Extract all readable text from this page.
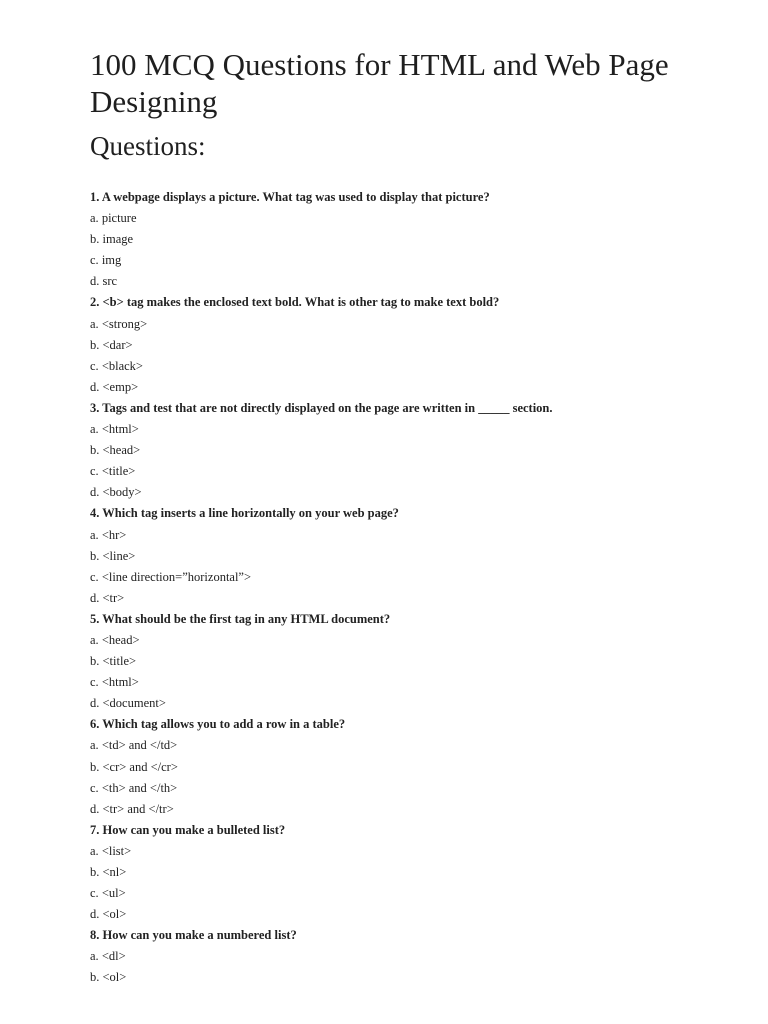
100 MCQ Questions for HTML and Web Page Designing
Questions:
1. A webpage displays a picture. What tag was used to display that picture?
a. picture
b. image
c. img
d. src
2. <b> tag makes the enclosed text bold. What is other tag to make text bold?
a. <strong>
b. <dar>
c. <black>
d. <emp>
3. Tags and test that are not directly displayed on the page are written in _____ section.
a. <html>
b. <head>
c. <title>
d. <body>
4. Which tag inserts a line horizontally on your web page?
a. <hr>
b. <line>
c. <line direction=”horizontal”>
d. <tr>
5. What should be the first tag in any HTML document?
a. <head>
b. <title>
c. <html>
d. <document>
6. Which tag allows you to add a row in a table?
a. <td> and </td>
b. <cr> and </cr>
c. <th> and </th>
d. <tr> and </tr>
7. How can you make a bulleted list?
a. <list>
b. <nl>
c. <ul>
d. <ol>
8. How can you make a numbered list?
a. <dl>
b. <ol>
